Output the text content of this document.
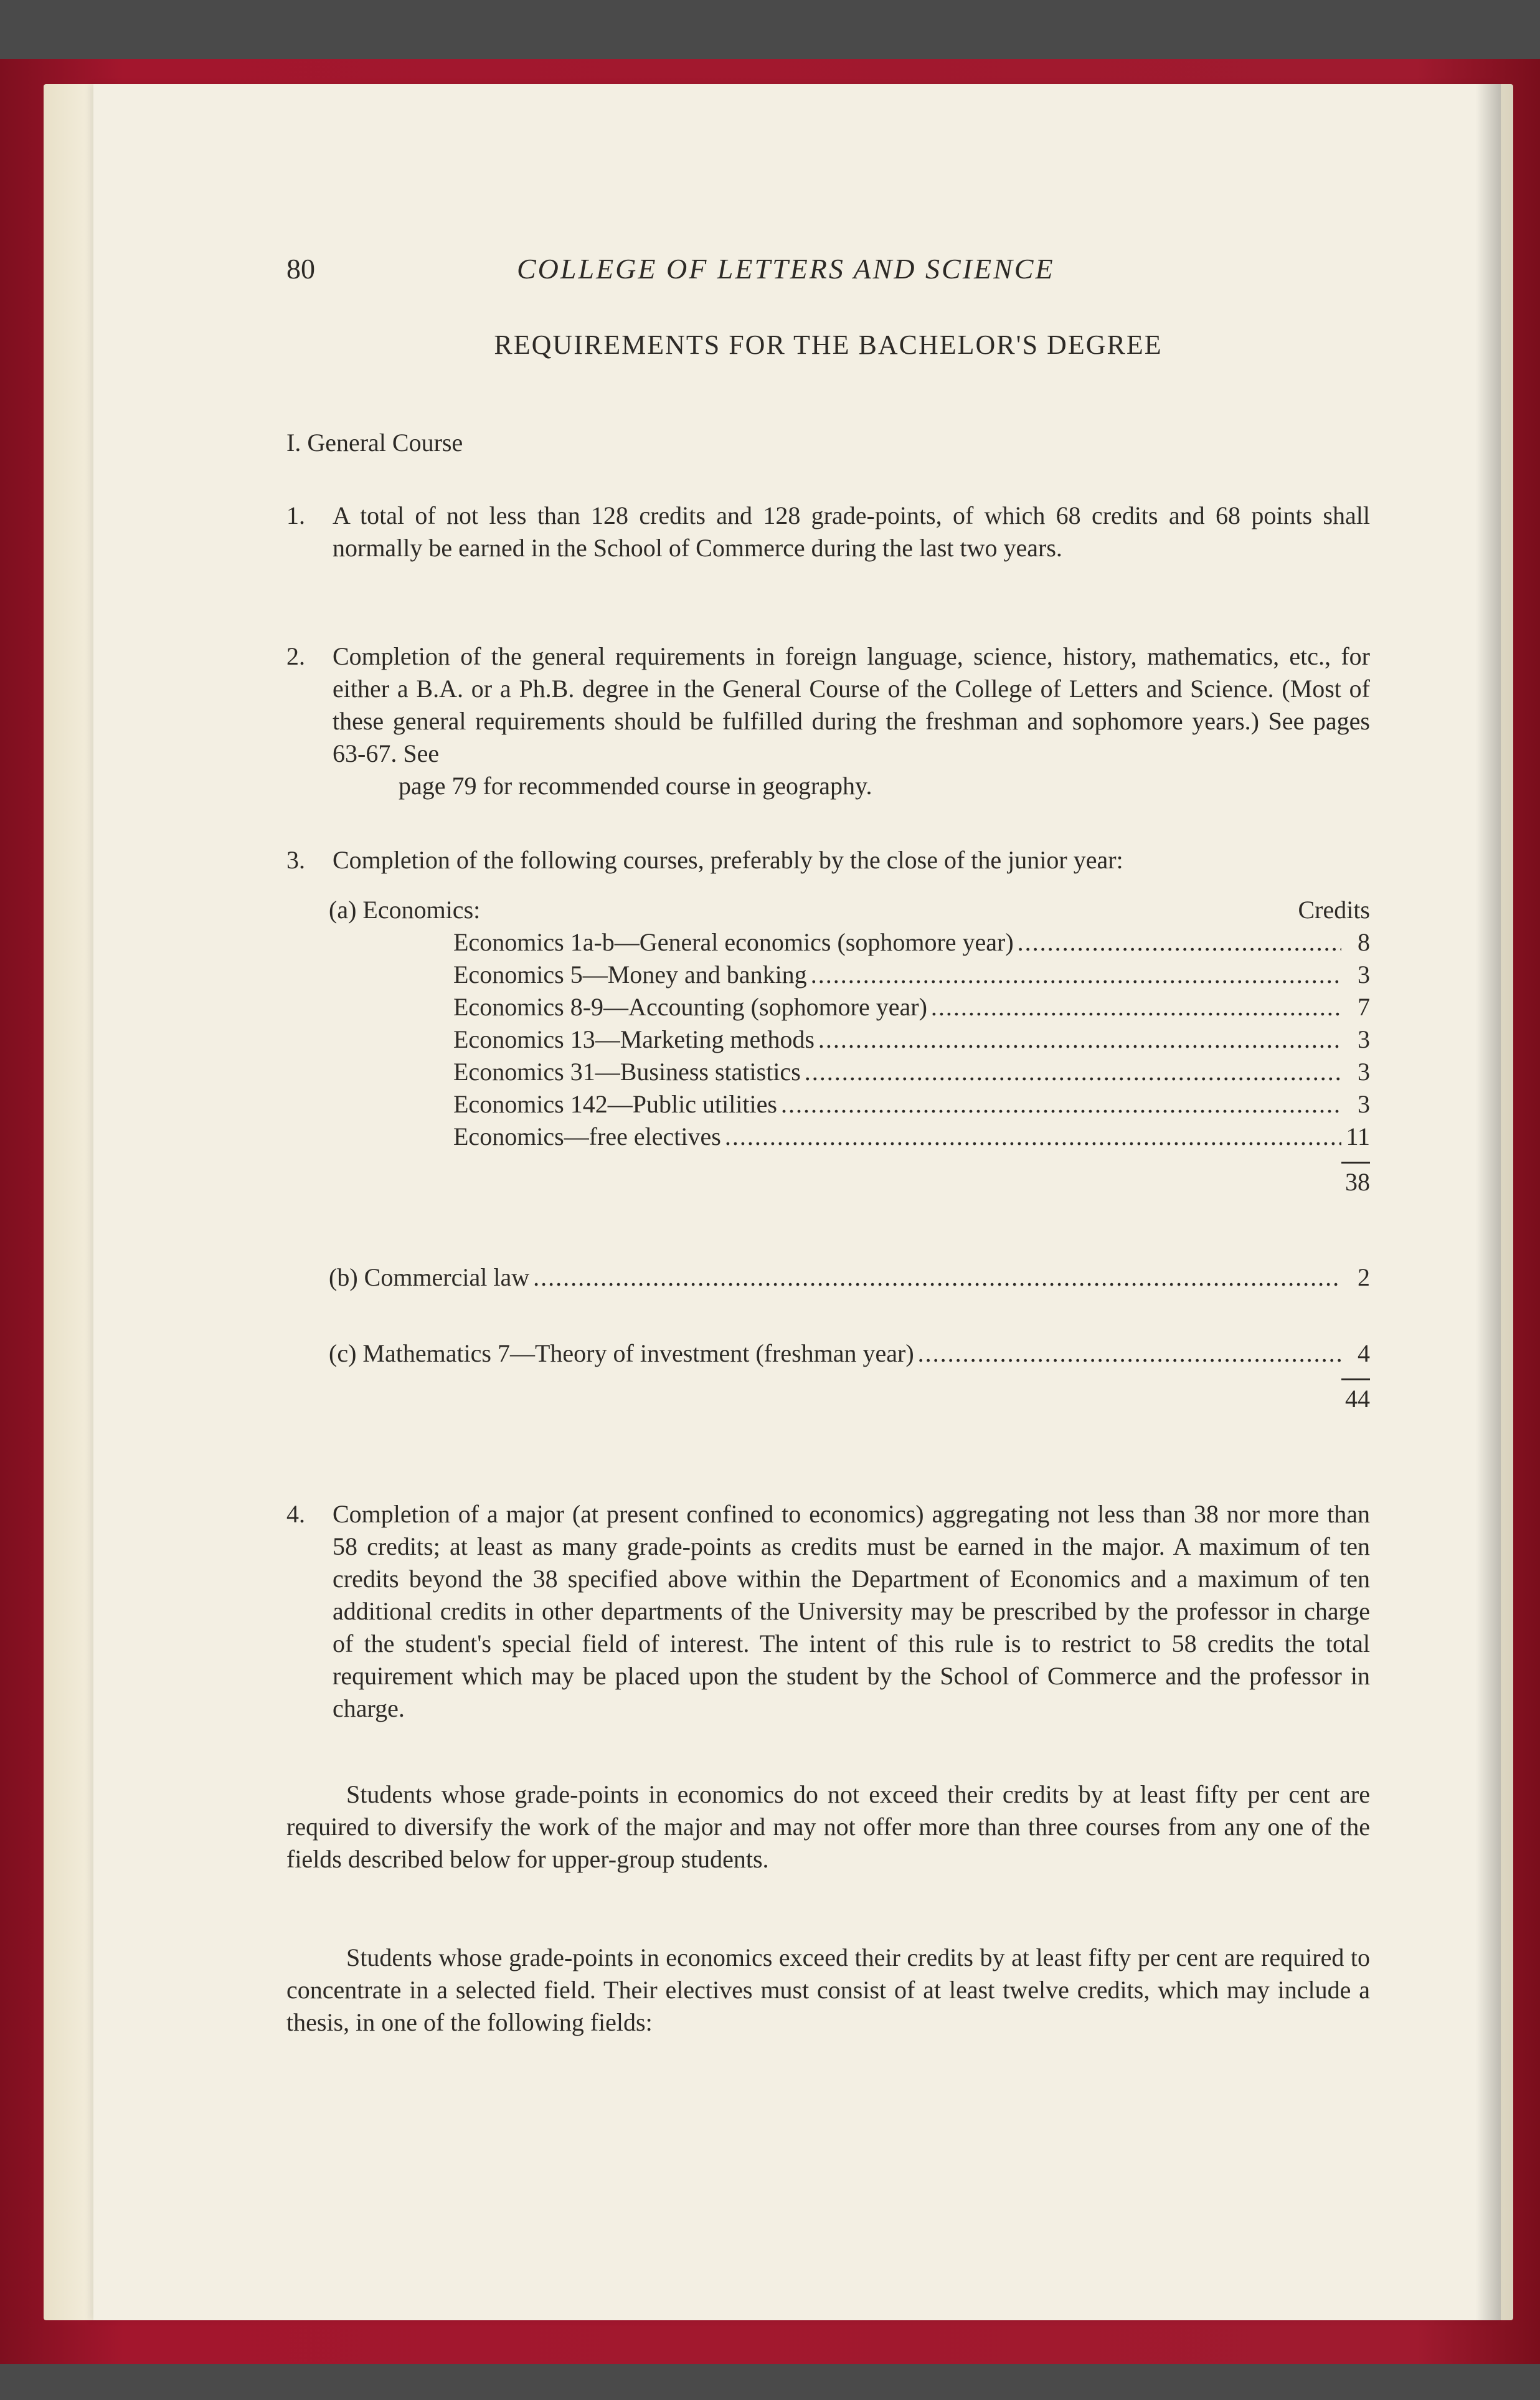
80	COLLEGE OF LETTERS AND SCIENCE
REQUIREMENTS FOR THE BACHELOR'S DEGREE
I. General Course
1.	A total of not less than 128 credits and 128 grade-points, of which 68 credits and 68 points shall normally be earned in the School of Commerce during the last two years.
2.	Completion of the general requirements in foreign language, science, history, mathematics, etc., for either a B.A. or a Ph.B. degree in the General Course of the College of Letters and Science. (Most of these general requirements should be fulfilled during the freshman and sophomore years.) See pages 63-67. See
page 79 for recommended course in geography.
3.	Completion of the following courses, preferably by the close of the junior year:
(a) Economics:	Credits
Economics 1a-b—General economics (sophomore year) .....	8
Economics 5—Money and banking .....	3
Economics 8-9—Accounting (sophomore year) .....	7
Economics 13—Marketing methods .....	3
Economics 31—Business statistics .....	3
Economics 142—Public utilities .....	3
Economics—free electives .....	11
38
(b) Commercial law .....	2
(c) Mathematics 7—Theory of investment (freshman year) .....	4
44
4.	Completion of a major (at present confined to economics) aggregating not less than 38 nor more than 58 credits; at least as many grade-points as credits must be earned in the major. A maximum of ten credits beyond the 38 specified above within the Department of Economics and a maximum of ten additional credits in other departments of the University may be prescribed by the professor in charge of the student's special field of interest. The intent of this rule is to restrict to 58 credits the total requirement which may be placed upon the student by the School of Commerce and the professor in charge.
Students whose grade-points in economics do not exceed their credits by at least fifty per cent are required to diversify the work of the major and may not offer more than three courses from any one of the fields described below for upper-group students.
Students whose grade-points in economics exceed their credits by at least fifty per cent are required to concentrate in a selected field. Their electives must consist of at least twelve credits, which may include a thesis, in one of the following fields:
